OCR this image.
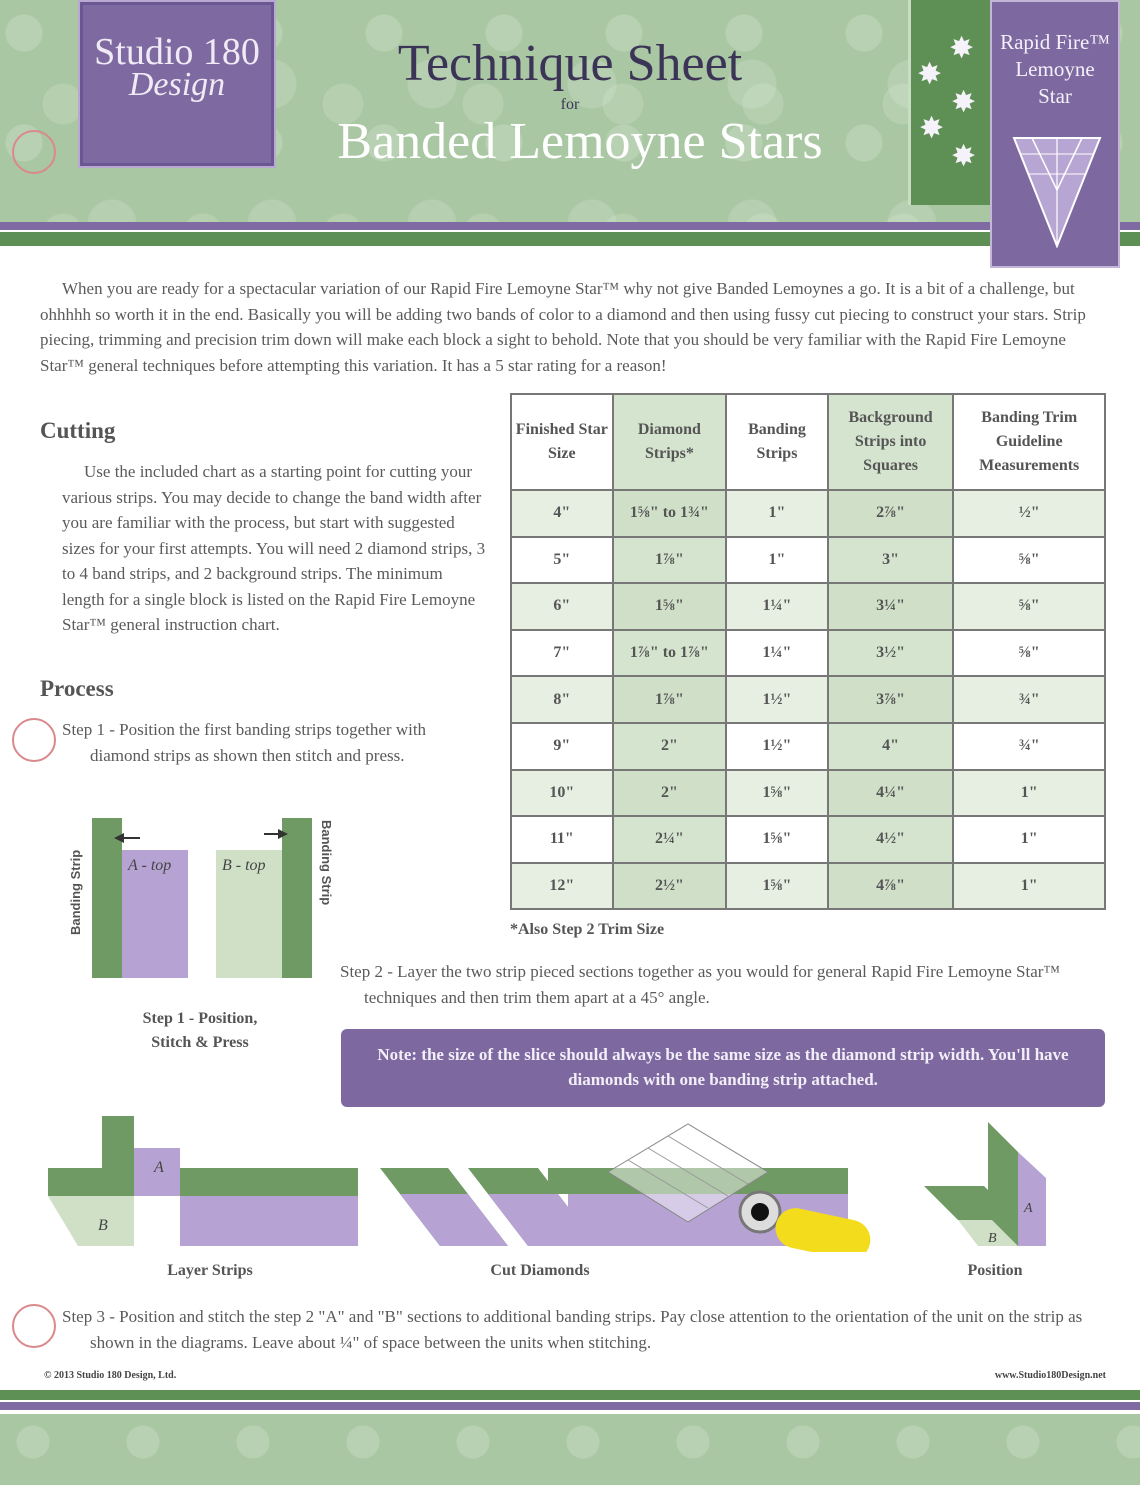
Studio 180
Design	Technique Sheet
for
Banded Lemoyne Stars
✸
✸
✸
✸
✸
Rapid Fire™
Lemoyne
Star
When you are ready for a spectacular variation of our Rapid Fire Lemoyne Star™ why not give Banded Lemoynes a go. It is a bit of a challenge, but ohhhhh so worth it in the end. Basically you will be adding two bands of color to a diamond and then using fussy cut piecing to construct your stars. Strip piecing, trimming and precision trim down will make each block a sight to behold. Note that you should be very familiar with the Rapid Fire Lemoyne Star™ general techniques before attempting this variation. It has a 5 star rating for a reason!
Cutting
Use the included chart as a starting point for cutting your various strips. You may decide to change the band width after you are familiar with the process, but start with suggested sizes for your first attempts. You will need 2 diamond strips, 3 to 4 band strips, and 2 background strips. The minimum length for a single block is listed on the Rapid Fire Lemoyne Star™ general instruction chart.
Finished Star Size	Diamond Strips*	Banding Strips	Background Strips into Squares	Banding Trim Guideline Measurements
4"	1⅝" to 1¾"	1"	2⅞"	½"
5"	1⅞"	1"	3"	⅝"
6"	1⅝"	1¼"	3¼"	⅝"
7"	1⅞" to 1⅞"	1¼"	3½"	⅝"
8"	1⅞"	1½"	3⅞"	¾"
9"	2"	1½"	4"	¾"
10"	2"	1⅝"	4¼"	1"
11"	2¼"	1⅝"	4½"	1"
12"	2½"	1⅝"	4⅞"	1"
*Also Step 2 Trim Size
Process
Step 1 - Position the first banding strips together with diamond strips as shown then stitch and press.
Banding Strip	Banding Strip
A - top	B - top
Step 1 - Position,
Stitch & Press
Step 2 - Layer the two strip pieced sections together as you would for general Rapid Fire Lemoyne Star™ techniques and then trim them apart at a 45° angle.
Note: the size of the slice should always be the same size as the diamond strip width. You'll have diamonds with one banding strip attached.
A
B
A
B
Layer Strips	Cut Diamonds	Position
Step 3 - Position and stitch the step 2 "A" and "B" sections to additional banding strips. Pay close attention to the orientation of the unit on the strip as shown in the diagrams. Leave about ¼" of space between the units when stitching.
© 2013 Studio 180 Design, Ltd.	www.Studio180Design.net
